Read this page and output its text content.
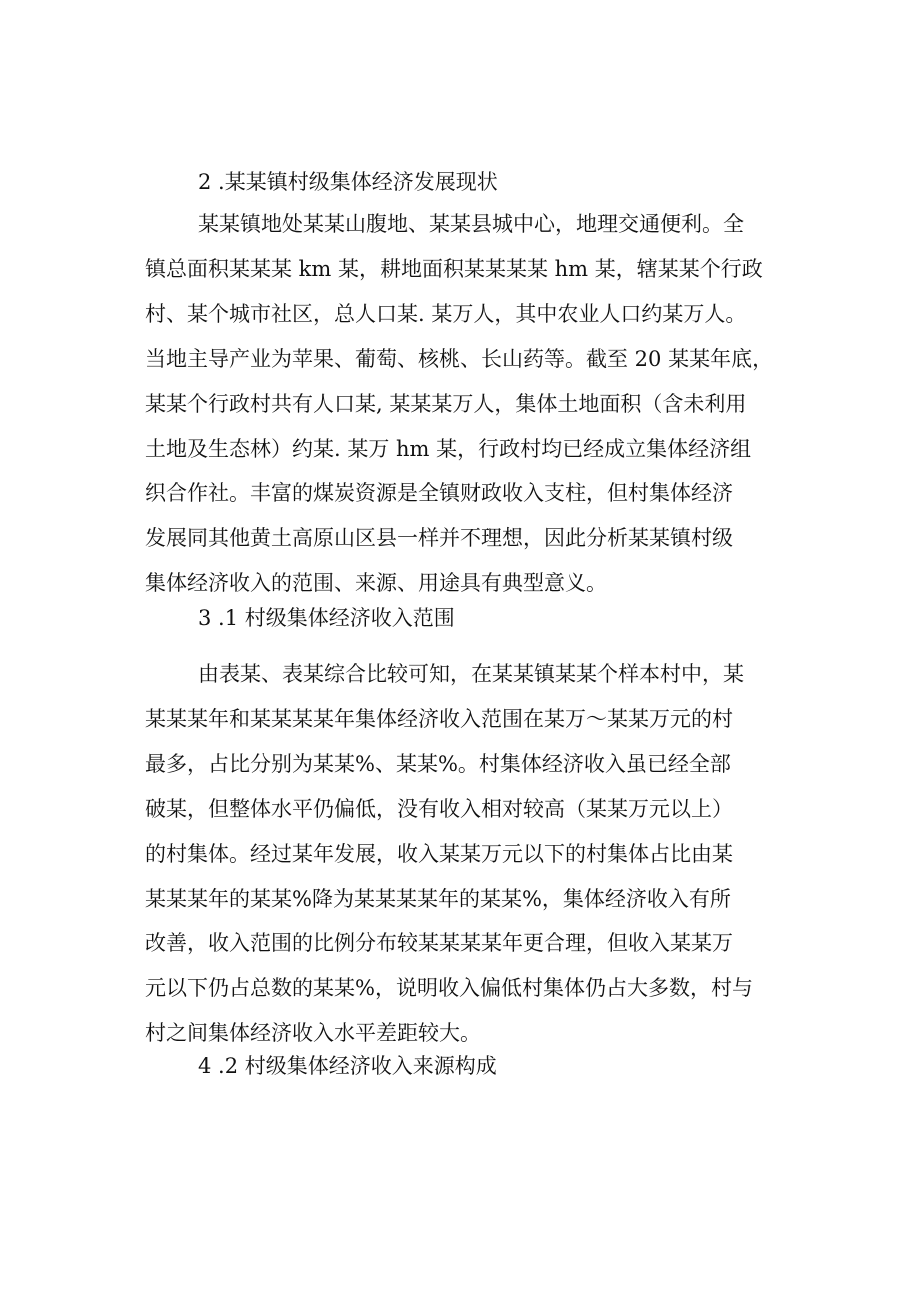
2 .某某镇村级集体经济发展现状
某某镇地处某某山腹地、某某县城中心，地理交通便利。全
镇总面积某某某 km 某，耕地面积某某某某 hm 某，辖某某个行政
村、某个城市社区，总人口某. 某万人，其中农业人口约某万人。
当地主导产业为苹果、葡萄、核桃、长山药等。截至 20 某某年底，
某某个行政村共有人口某, 某某某万人，集体土地面积（含未利用
土地及生态林）约某. 某万 hm 某，行政村均已经成立集体经济组
织合作社。丰富的煤炭资源是全镇财政收入支柱，但村集体经济
发展同其他黄土高原山区县一样并不理想，因此分析某某镇村级
集体经济收入的范围、来源、用途具有典型意义。
3 .1 村级集体经济收入范围
由表某、表某综合比较可知，在某某镇某某个样本村中，某
某某某年和某某某某年集体经济收入范围在某万～某某万元的村
最多，占比分别为某某%、某某%。村集体经济收入虽已经全部
破某，但整体水平仍偏低，没有收入相对较高（某某万元以上）
的村集体。经过某年发展，收入某某万元以下的村集体占比由某
某某某年的某某%降为某某某某年的某某%，集体经济收入有所
改善，收入范围的比例分布较某某某某年更合理，但收入某某万
元以下仍占总数的某某%，说明收入偏低村集体仍占大多数，村与
村之间集体经济收入水平差距较大。
4 .2 村级集体经济收入来源构成
